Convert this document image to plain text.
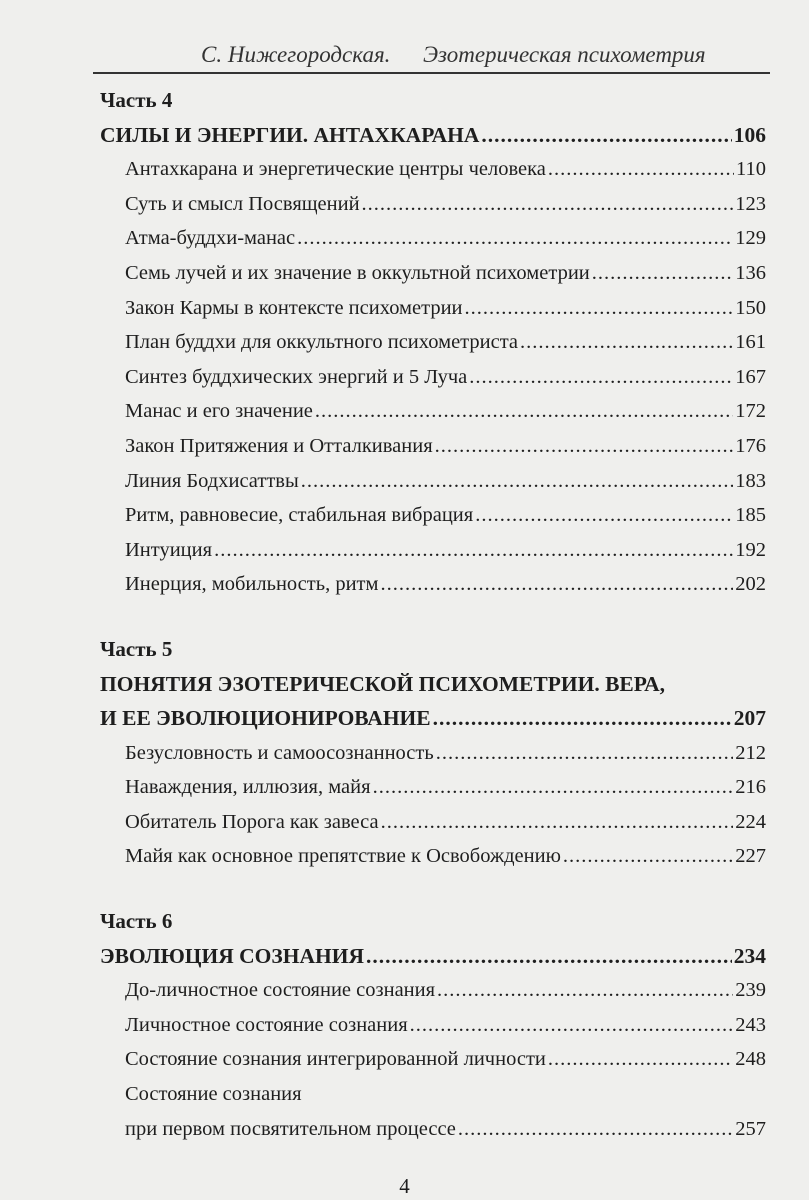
С. Нижегородская. Эзотерическая психометрия
Часть 4
СИЛЫ И ЭНЕРГИИ. АНТАХКАРАНА .....	106
Антахкарана и энергетические центры человека .....	110
Суть и смысл Посвящений .....	123
Атма-буддхи-манас .....	129
Семь лучей и их значение в оккультной психометрии .....	136
Закон Кармы в контексте психометрии .....	150
План буддхи для оккультного психометриста .....	161
Синтез буддхических энергий и 5 Луча .....	167
Манас и его значение .....	172
Закон Притяжения и Отталкивания .....	176
Линия Бодхисаттвы .....	183
Ритм, равновесие, стабильная вибрация .....	185
Интуиция .....	192
Инерция, мобильность, ритм .....	202
Часть 5
ПОНЯТИЯ ЭЗОТЕРИЧЕСКОЙ ПСИХОМЕТРИИ. ВЕРА,
И ЕЕ ЭВОЛЮЦИОНИРОВАНИЕ .....	207
Безусловность и самоосознанность .....	212
Наваждения, иллюзия, майя .....	216
Обитатель Порога как завеса .....	224
Майя как основное препятствие к Освобождению .....	227
Часть 6
ЭВОЛЮЦИЯ СОЗНАНИЯ .....	234
До-личностное состояние сознания .....	239
Личностное состояние сознания .....	243
Состояние сознания интегрированной личности .....	248
Состояние сознания
при первом посвятительном процессе .....	257
4
